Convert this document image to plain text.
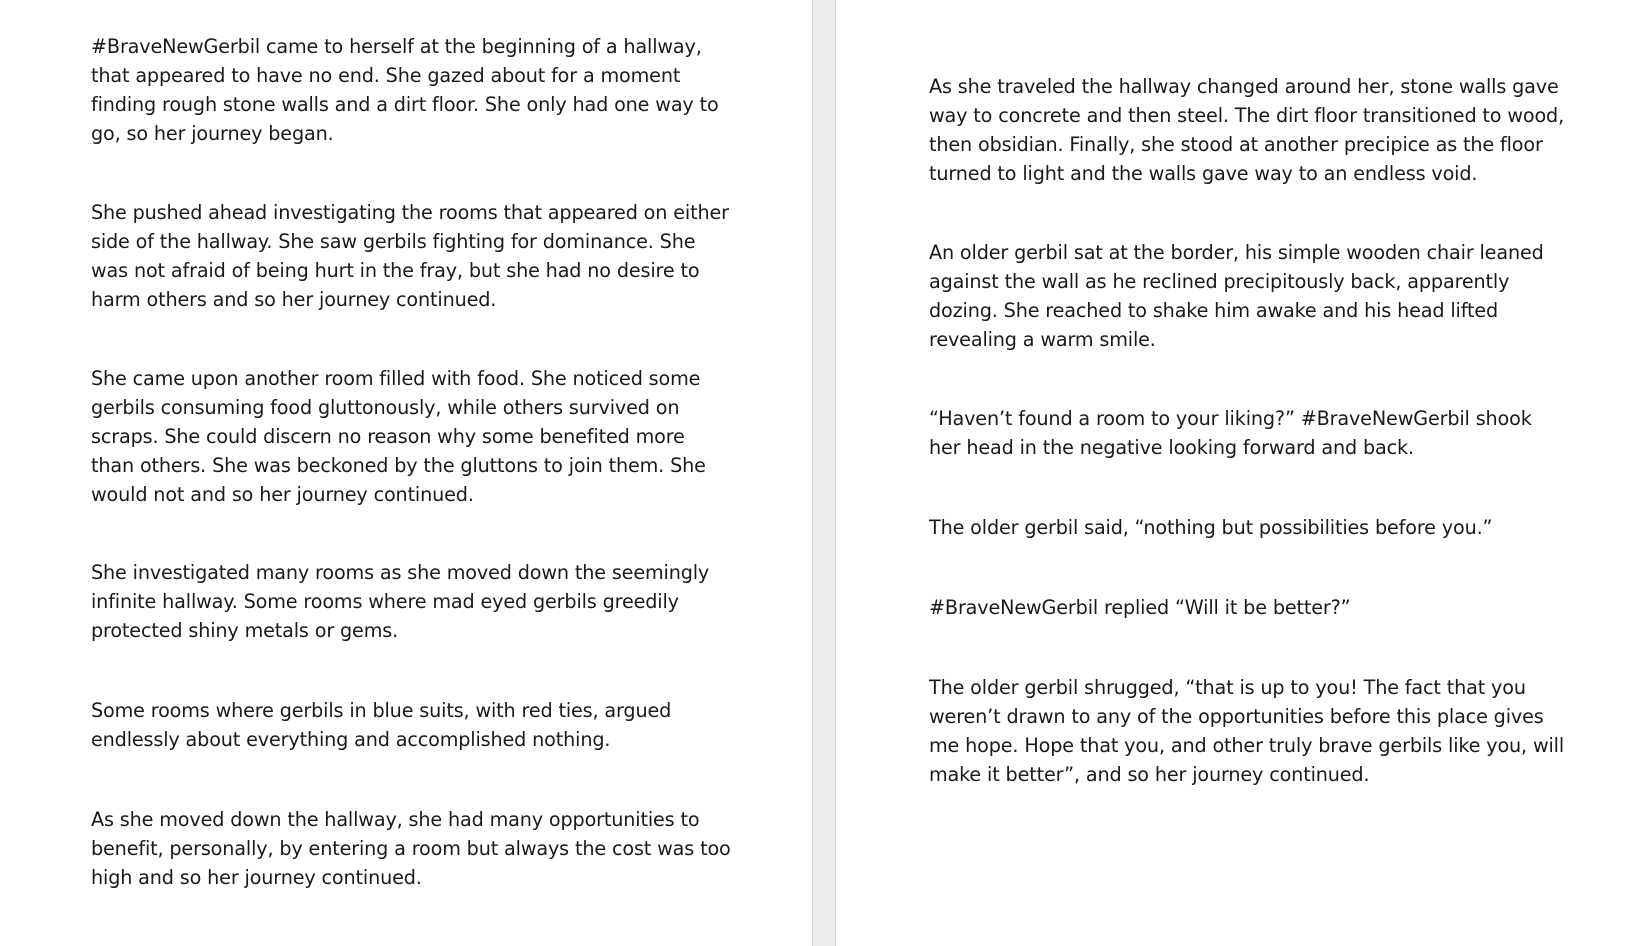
#BraveNewGerbil came to herself at the beginning of a hallway, that appeared to have no end. She gazed about for a moment finding rough stone walls and a dirt floor. She only had one way to go, so her journey began.

She pushed ahead investigating the rooms that appeared on either side of the hallway. She saw gerbils fighting for dominance. She was not afraid of being hurt in the fray, but she had no desire to harm others and so her journey continued.

She came upon another room filled with food. She noticed some gerbils consuming food gluttonously, while others survived on scraps. She could discern no reason why some benefited more than others. She was beckoned by the gluttons to join them. She would not and so her journey continued.

She investigated many rooms as she moved down the seemingly infinite hallway. Some rooms where mad eyed gerbils greedily protected shiny metals or gems.

Some rooms where gerbils in blue suits, with red ties, argued endlessly about everything and accomplished nothing.

As she moved down the hallway, she had many opportunities to benefit, personally, by entering a room but always the cost was too high and so her journey continued.

As she traveled the hallway changed around her, stone walls gave way to concrete and then steel. The dirt floor transitioned to wood, then obsidian. Finally, she stood at another precipice as the floor turned to light and the walls gave way to an endless void.

An older gerbil sat at the border, his simple wooden chair leaned against the wall as he reclined precipitously back, apparently dozing. She reached to shake him awake and his head lifted revealing a warm smile.

“Haven’t found a room to your liking?” #BraveNewGerbil shook her head in the negative looking forward and back.

The older gerbil said, “nothing but possibilities before you.”

#BraveNewGerbil replied “Will it be better?”

The older gerbil shrugged, “that is up to you! The fact that you weren’t drawn to any of the opportunities before this place gives me hope. Hope that you, and other truly brave gerbils like you, will make it better”, and so her journey continued.
